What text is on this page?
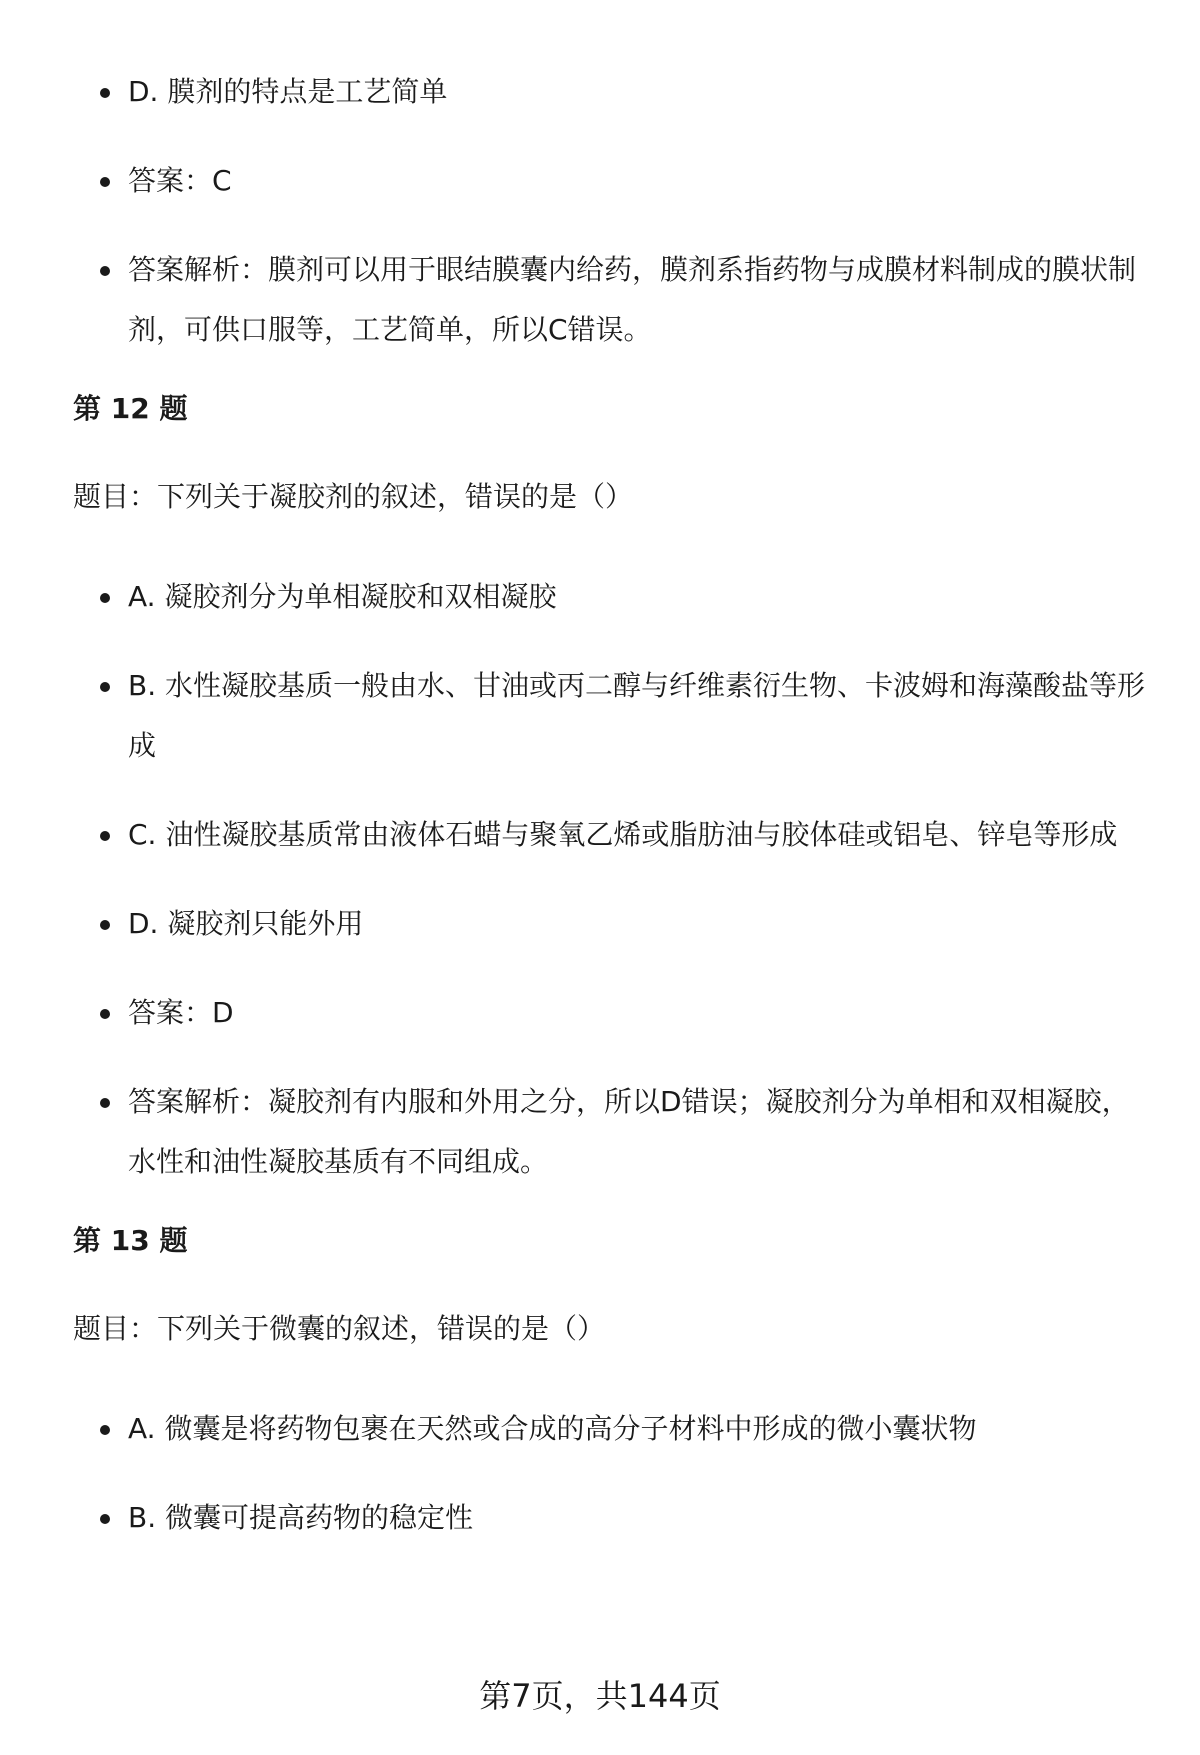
D. 膜剂的特点是工艺简单
答案：C
答案解析：膜剂可以用于眼结膜囊内给药，膜剂系指药物与成膜材料制成的膜状制剂，可供口服等，工艺简单，所以C错误。
第 12 题
题目：下列关于凝胶剂的叙述，错误的是（）
A. 凝胶剂分为单相凝胶和双相凝胶
B. 水性凝胶基质一般由水、甘油或丙二醇与纤维素衍生物、卡波姆和海藻酸盐等形成
C. 油性凝胶基质常由液体石蜡与聚氧乙烯或脂肪油与胶体硅或铝皂、锌皂等形成
D. 凝胶剂只能外用
答案：D
答案解析：凝胶剂有内服和外用之分，所以D错误；凝胶剂分为单相和双相凝胶，水性和油性凝胶基质有不同组成。
第 13 题
题目：下列关于微囊的叙述，错误的是（）
A. 微囊是将药物包裹在天然或合成的高分子材料中形成的微小囊状物
B. 微囊可提高药物的稳定性
第7页，共144页
